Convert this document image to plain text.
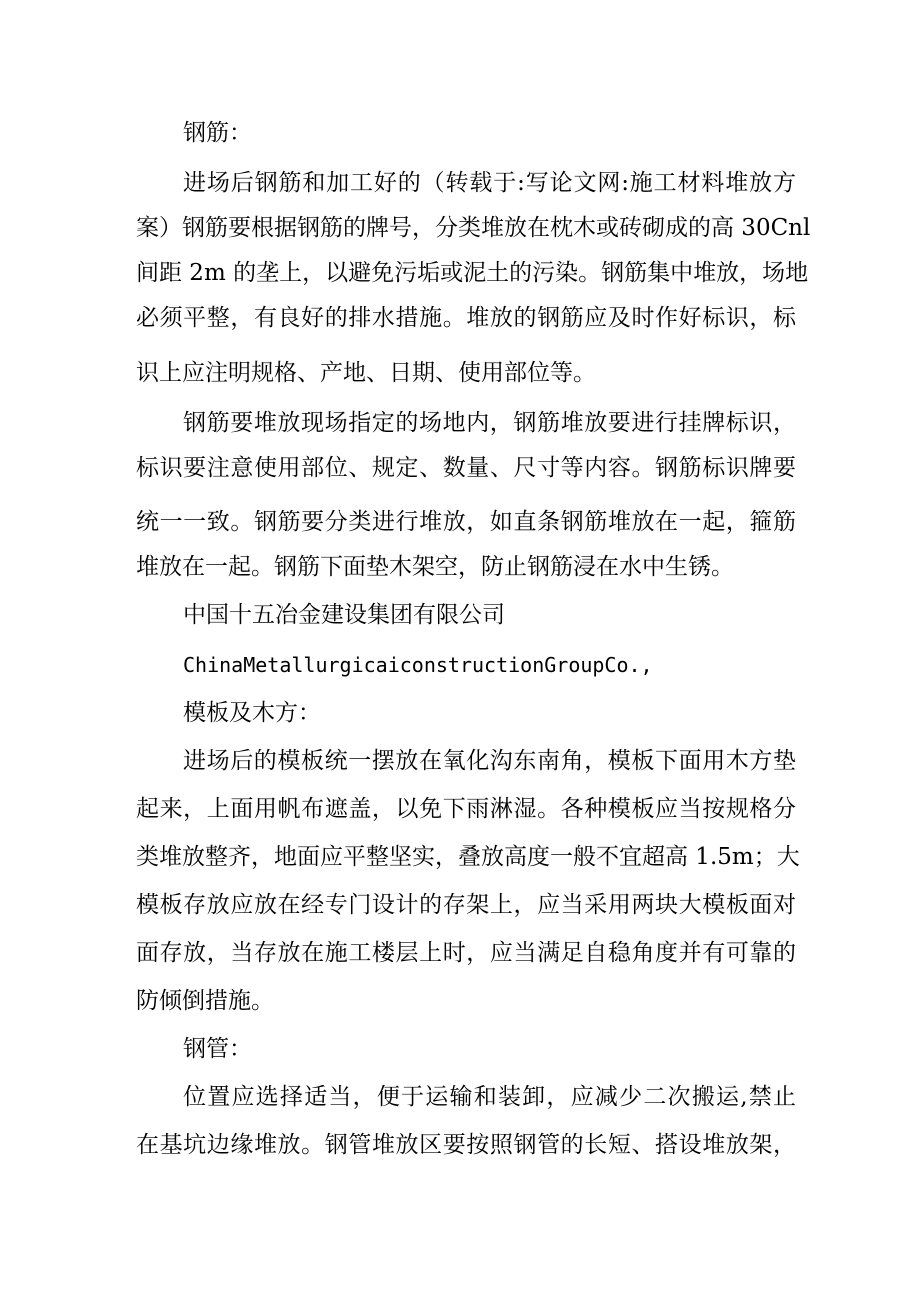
钢筋：
进场后钢筋和加工好的（转载于:写论文网:施工材料堆放方
案）钢筋要根据钢筋的牌号，分类堆放在枕木或砖砌成的高 30Cnl
间距 2m 的垄上，以避免污垢或泥土的污染。钢筋集中堆放，场地
必须平整，有良好的排水措施。堆放的钢筋应及时作好标识，标
识上应注明规格、产地、日期、使用部位等。
钢筋要堆放现场指定的场地内，钢筋堆放要进行挂牌标识，
标识要注意使用部位、规定、数量、尺寸等内容。钢筋标识牌要
统一一致。钢筋要分类进行堆放，如直条钢筋堆放在一起，箍筋
堆放在一起。钢筋下面垫木架空，防止钢筋浸在水中生锈。
中国十五冶金建设集团有限公司
ChinaMetallurgicaiconstructionGroupCo.,
模板及木方：
进场后的模板统一摆放在氧化沟东南角，模板下面用木方垫
起来，上面用帆布遮盖，以免下雨淋湿。各种模板应当按规格分
类堆放整齐，地面应平整坚实，叠放高度一般不宜超高 1.5m；大
模板存放应放在经专门设计的存架上，应当采用两块大模板面对
面存放，当存放在施工楼层上时，应当满足自稳角度并有可靠的
防倾倒措施。
钢管：
位置应选择适当，便于运输和装卸，应减少二次搬运,禁止
在基坑边缘堆放。钢管堆放区要按照钢管的长短、搭设堆放架，
